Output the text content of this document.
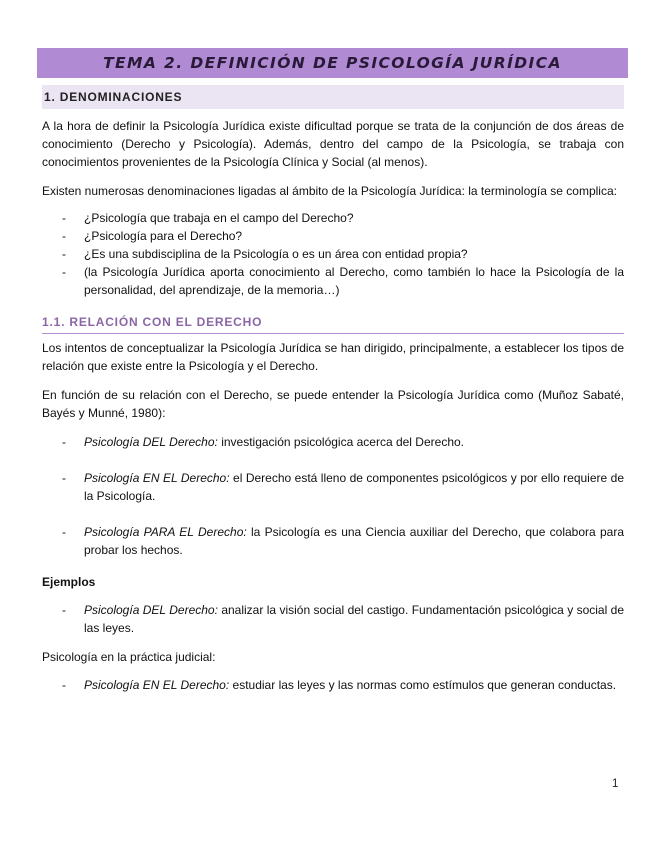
TEMA 2. DEFINICIÓN DE PSICOLOGÍA JURÍDICA
1. DENOMINACIONES

A la hora de definir la Psicología Jurídica existe dificultad porque se trata de la conjunción de dos áreas de conocimiento (Derecho y Psicología). Además, dentro del campo de la Psicología, se trabaja con conocimientos provenientes de la Psicología Clínica y Social (al menos).

Existen numerosas denominaciones ligadas al ámbito de la Psicología Jurídica: la terminología se complica:

- ¿Psicología que trabaja en el campo del Derecho?
- ¿Psicología para el Derecho?
- ¿Es una subdisciplina de la Psicología o es un área con entidad propia?
- (la Psicología Jurídica aporta conocimiento al Derecho, como también lo hace la Psicología de la personalidad, del aprendizaje, de la memoria…)
1.1. RELACIÓN CON EL DERECHO

Los intentos de conceptualizar la Psicología Jurídica se han dirigido, principalmente, a establecer los tipos de relación que existe entre la Psicología y el Derecho.

En función de su relación con el Derecho, se puede entender la Psicología Jurídica como (Muñoz Sabaté, Bayés y Munné, 1980):

- Psicología DEL Derecho: investigación psicológica acerca del Derecho.
- Psicología EN EL Derecho: el Derecho está lleno de componentes psicológicos y por ello requiere de la Psicología.
- Psicología PARA EL Derecho: la Psicología es una Ciencia auxiliar del Derecho, que colabora para probar los hechos.
Ejemplos
- Psicología DEL Derecho: analizar la visión social del castigo. Fundamentación psicológica y social de las leyes.

Psicología en la práctica judicial:

- Psicología EN EL Derecho: estudiar las leyes y las normas como estímulos que generan conductas.
1
